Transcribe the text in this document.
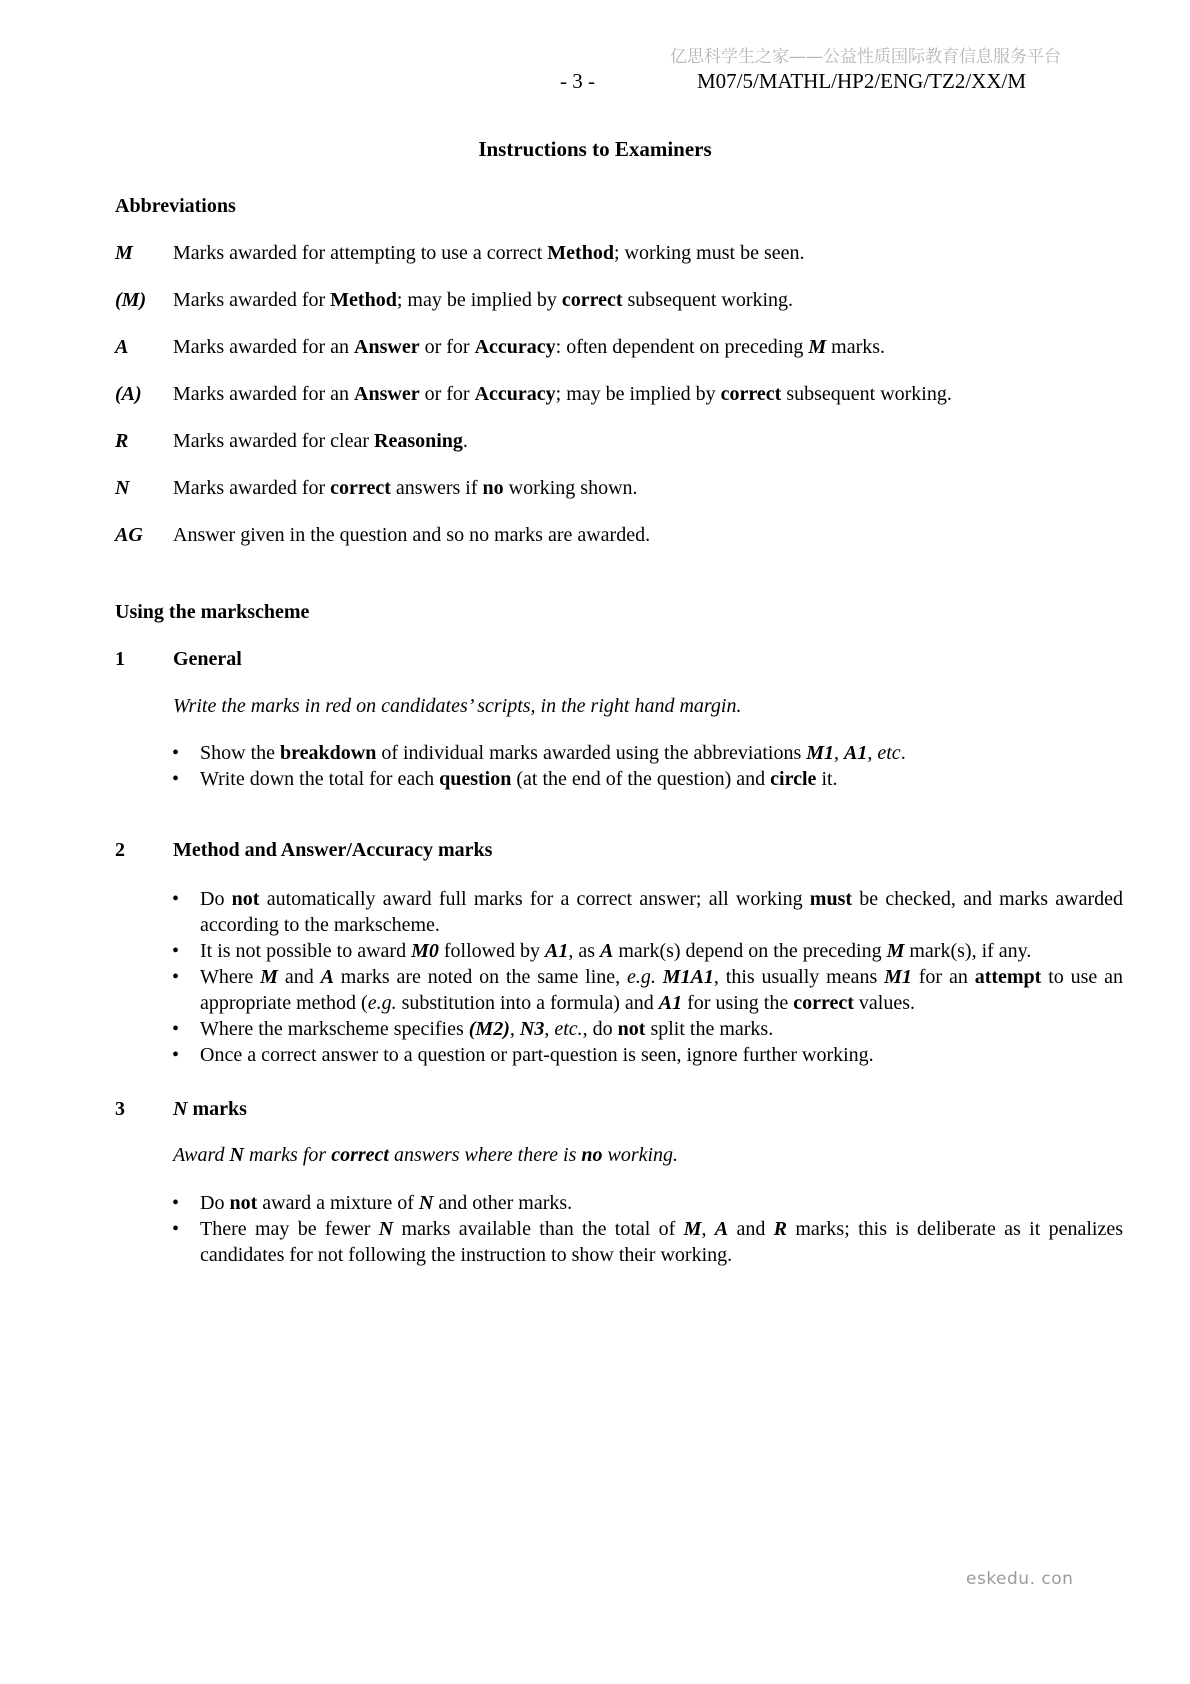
亿思科学生之家——公益性质国际教育信息服务平台
- 3 -	M07/5/MATHL/HP2/ENG/TZ2/XX/M
Instructions to Examiners
Abbreviations
M	Marks awarded for attempting to use a correct Method; working must be seen.
(M)	Marks awarded for Method; may be implied by correct subsequent working.
A	Marks awarded for an Answer or for Accuracy: often dependent on preceding M marks.
(A)	Marks awarded for an Answer or for Accuracy; may be implied by correct subsequent working.
R	Marks awarded for clear Reasoning.
N	Marks awarded for correct answers if no working shown.
AG	Answer given in the question and so no marks are awarded.
Using the markscheme
1	General
Write the marks in red on candidates’ scripts, in the right hand margin.
•	Show the breakdown of individual marks awarded using the abbreviations M1, A1, etc.
•	Write down the total for each question (at the end of the question) and circle it.
2	Method and Answer/Accuracy marks
•	Do not automatically award full marks for a correct answer; all working must be checked, and marks awarded according to the markscheme.
•	It is not possible to award M0 followed by A1, as A mark(s) depend on the preceding M mark(s), if any.
•	Where M and A marks are noted on the same line, e.g. M1A1, this usually means M1 for an attempt to use an appropriate method (e.g. substitution into a formula) and A1 for using the correct values.
•	Where the markscheme specifies (M2), N3, etc., do not split the marks.
•	Once a correct answer to a question or part-question is seen, ignore further working.
3	N marks
Award N marks for correct answers where there is no working.
•	Do not award a mixture of N and other marks.
•	There may be fewer N marks available than the total of M, A and R marks; this is deliberate as it penalizes candidates for not following the instruction to show their working.
eskedu. con
